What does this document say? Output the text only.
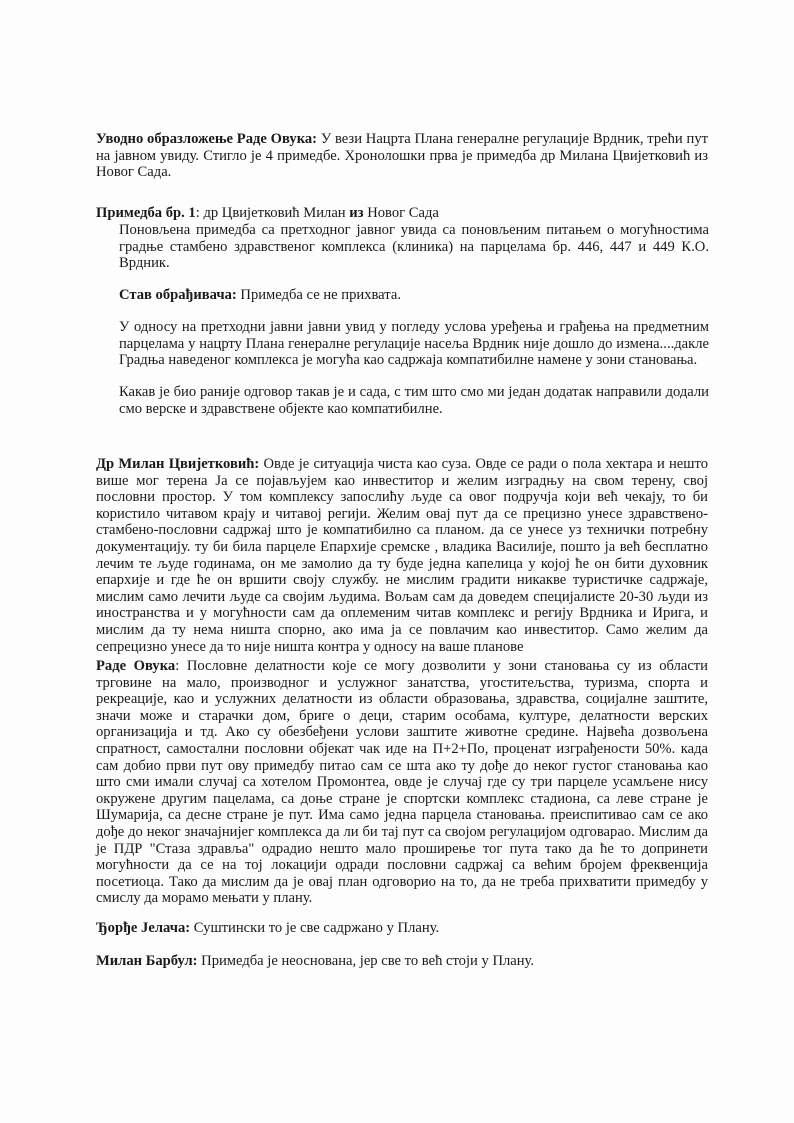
Уводно образложење Раде Овука: У вези Нацрта Плана генералне регулације Врдник, трећи пут на јавном увиду. Стигло је 4 примедбе. Хронолошки прва је примедба др Милана Цвијетковић из Новог Сада.

Примедба бр. 1: др Цвијетковић Милан из Новог Сада

Поновљена примедба са претходног јавног увида са поновљеним питањем о могућностима градње стамбено здравственог комплекса (клиника) на парцелама бр. 446, 447 и 449 К.О. Врдник.

Став обрађивача: Примедба се не прихвата.

У односу на претходни јавни јавни увид у погледу услова уређења и грађења на предметним парцелама у нацрту Плана генералне регулације насеља Врдник није дошло до измена....дакле Градња наведеног комплекса је могућа као садржаја компатибилне намене у зони становања.

Какав је био раније одговор такав је и сада, с тим што смо ми један додатак направили додали смо верске и здравствене објекте као компатибилне.

Др Милан Цвијетковић: Овде је ситуација чиста као суза. Овде се ради о пола хектара и нешто више мог терена Ја се појављујем као инвеститор и желим изградњу на свом терену, свој пословни простор. У том комплексу запослићу људе са овог подручја који већ чекају, то би користило читавом крају и читавој регији. Желим овај пут да се прецизно унесе здравствено-стамбено-пословни садржај што је компатибилно са планом. да се унесе уз технички потребну документацију. ту би била парцеле Епархије сремске , владика Василије, пошто ја већ бесплатно лечим те људе годинама, он ме замолио да ту буде једна капелица у којој ће он бити духовник епархије и где ће он вршити своју службу. не мислим градити никакве туристичке садржаје, мислим само лечити људе са својим људима. Вољам сам да доведем специјалисте 20-30 људи из иностранства и у могућности сам да оплеменим читав комплекс и регију Врдника и Ирига, и мислим да ту нема ништа спорно, ако има ја се повлачим као инвеститор. Само желим да сепрецизно унесе да то није ништа контра у односу на ваше планове

Раде Овука: Пословне делатности које се могу дозволити у зони становања су из области трговине на мало, производног и услужног занатства, угоститељства, туризма, спорта и рекреације, као и услужних делатности из области образовања, здравства, социјалне заштите, значи може и старачки дом, бриге о деци, старим особама, културе, делатности верских организација и тд. Ако су обезбеђени услови заштите животне средине. Највећа дозвољена спратност, самостални пословни објекат чак иде на П+2+По, проценат изграђености 50%. када сам добио први пут ову примедбу питао сам се шта ако ту дође до неког густог становања као што сми имали случај са хотелом Промонтеа, овде је случај где су три парцеле усамљене нису окружене другим пацелама, са доње стране је спортски комплекс стадиона, са леве стране је Шумарија, са десне стране је пут. Има само једна парцела становања. преиспитивао сам се ако дође до неког значајнијег комплекса да ли би тај пут са својом регулацијом одговарао. Мислим да је ПДР "Стаза здравља" одрадио нешто мало проширење тог пута тако да ће то допринети могућности да се на тој локацији одради пословни садржај са већим бројем фреквенција посетиоца. Тако да мислим да је овај план одговорио на то, да не треба прихватити примедбу у смислу да морамо мењати у плану.

Ђорђе Јелача: Суштински то је све садржано у Плану.

Милан Барбул: Примедба је неоснована, јер све то већ стоји у Плану.
